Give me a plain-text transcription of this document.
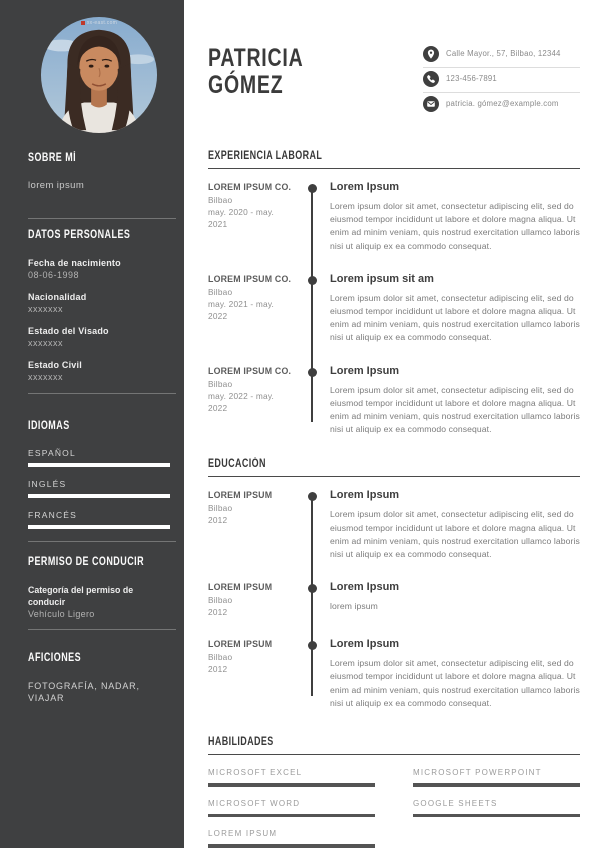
xx-east.com
SOBRE MÍ

lorem ipsum

DATOS PERSONALES
Fecha de nacimiento
08-06-1998
Nacionalidad
xxxxxxx
Estado del Visado
xxxxxxx
Estado Civil
xxxxxxx
IDIOMAS
ESPAÑOL
INGLÉS
FRANCÉS
PERMISO DE CONDUCIR
Categoría del permiso de conducir
Vehículo Ligero
AFICIONES
FOTOGRAFÍA, NADAR, VIAJAR
PATRICIA
GÓMEZ
Calle Mayor., 57, Bilbao, 12344
123-456-7891
patricia. gómez@example.com
EXPERIENCIA LABORAL
LOREM IPSUM CO.
Bilbao
may. 2020 - may. 2021
Lorem Ipsum

Lorem ipsum dolor sit amet, consectetur adipiscing elit, sed do eiusmod tempor incididunt ut labore et dolore magna aliqua. Ut enim ad minim veniam, quis nostrud exercitation ullamco laboris nisi ut aliquip ex ea commodo consequat.

LOREM IPSUM CO.
Bilbao
may. 2021 - may. 2022
Lorem ipsum sit am

Lorem ipsum dolor sit amet, consectetur adipiscing elit, sed do eiusmod tempor incididunt ut labore et dolore magna aliqua. Ut enim ad minim veniam, quis nostrud exercitation ullamco laboris nisi ut aliquip ex ea commodo consequat.

LOREM IPSUM CO.
Bilbao
may. 2022 - may. 2022
Lorem Ipsum

Lorem ipsum dolor sit amet, consectetur adipiscing elit, sed do eiusmod tempor incididunt ut labore et dolore magna aliqua. Ut enim ad minim veniam, quis nostrud exercitation ullamco laboris nisi ut aliquip ex ea commodo consequat.

EDUCACIÓN
LOREM IPSUM
Bilbao
2012
Lorem Ipsum

Lorem ipsum dolor sit amet, consectetur adipiscing elit, sed do eiusmod tempor incididunt ut labore et dolore magna aliqua. Ut enim ad minim veniam, quis nostrud exercitation ullamco laboris nisi ut aliquip ex ea commodo consequat.

LOREM IPSUM
Bilbao
2012
Lorem Ipsum

lorem ipsum

LOREM IPSUM
Bilbao
2012
Lorem Ipsum

Lorem ipsum dolor sit amet, consectetur adipiscing elit, sed do eiusmod tempor incididunt ut labore et dolore magna aliqua. Ut enim ad minim veniam, quis nostrud exercitation ullamco laboris nisi ut aliquip ex ea commodo consequat.

HABILIDADES
MICROSOFT EXCEL	MICROSOFT POWERPOINT
MICROSOFT WORD	GOOGLE SHEETS
LOREM IPSUM
